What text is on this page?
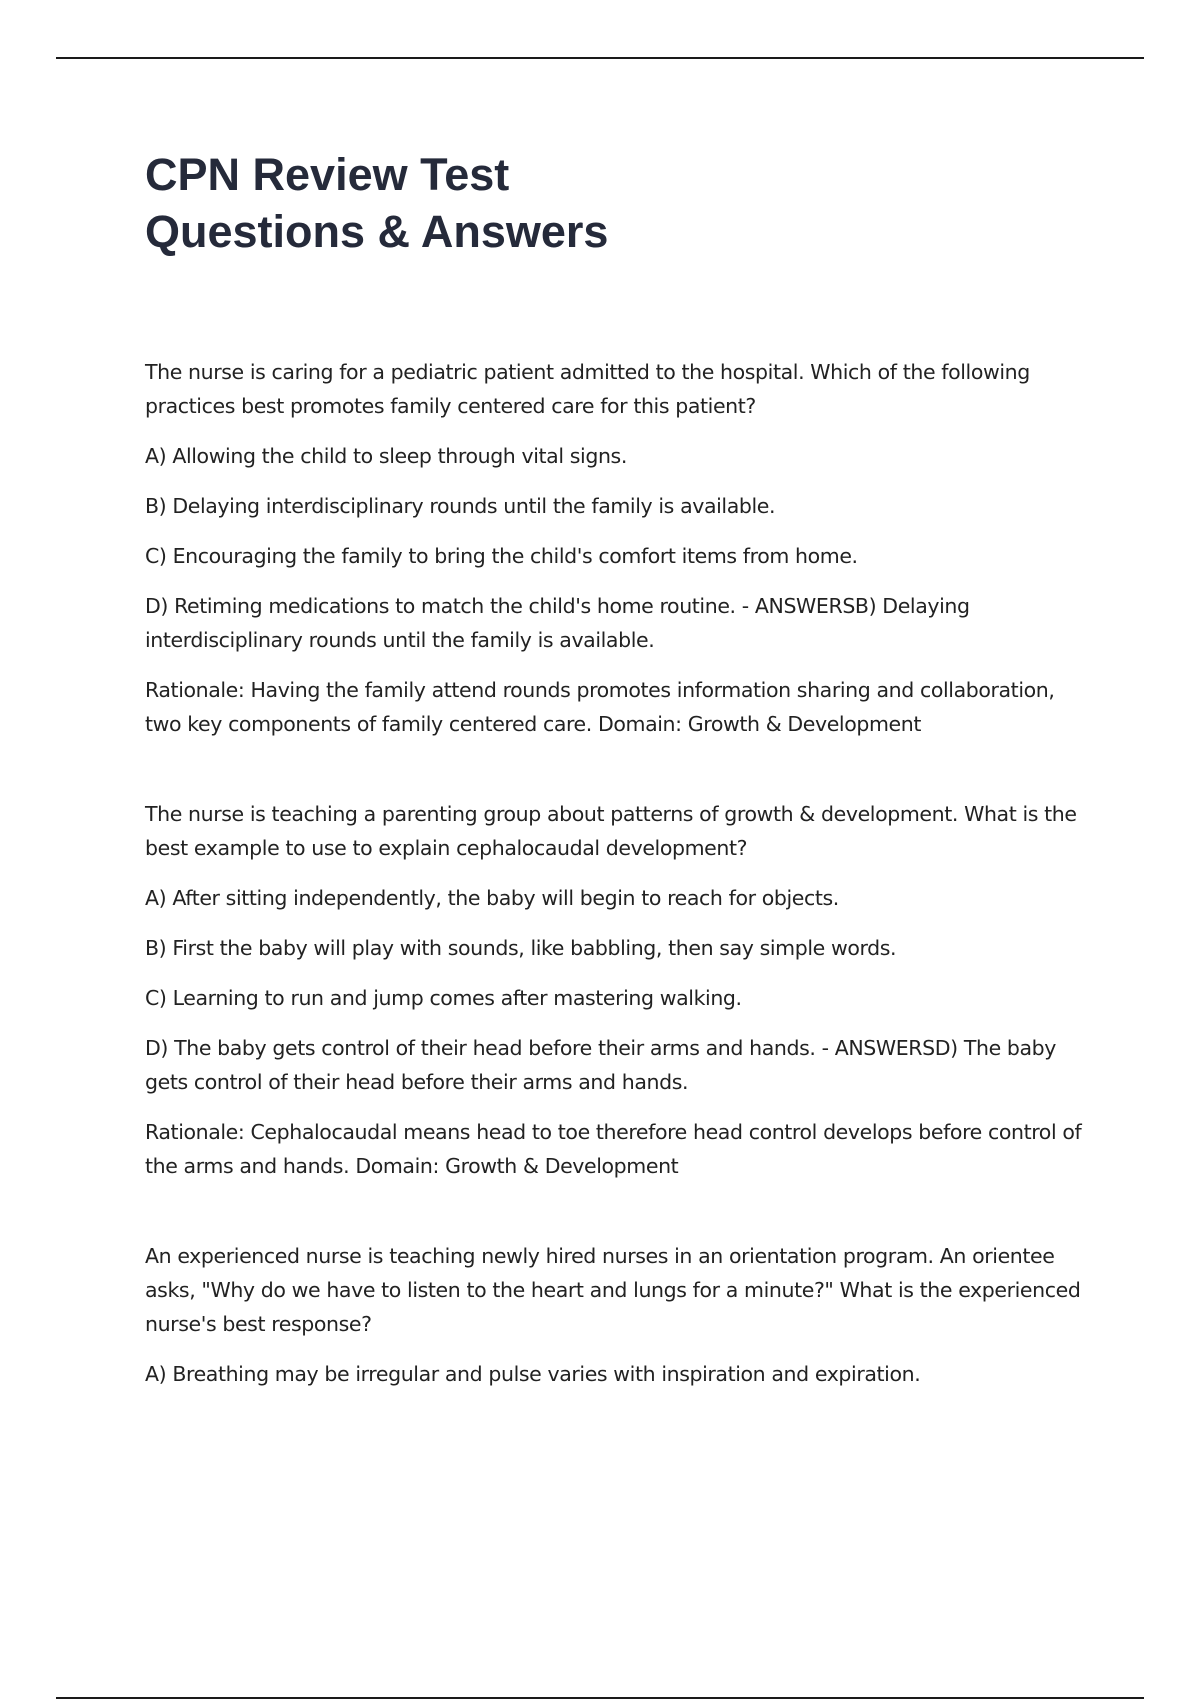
CPN Review Test
Questions & Answers

The nurse is caring for a pediatric patient admitted to the hospital. Which of the following practices best promotes family centered care for this patient?

A) Allowing the child to sleep through vital signs.

B) Delaying interdisciplinary rounds until the family is available.

C) Encouraging the family to bring the child's comfort items from home.

D) Retiming medications to match the child's home routine. - ANSWERSB) Delaying interdisciplinary rounds until the family is available.

Rationale: Having the family attend rounds promotes information sharing and collaboration, two key components of family centered care. Domain: Growth & Development

The nurse is teaching a parenting group about patterns of growth & development. What is the best example to use to explain cephalocaudal development?

A) After sitting independently, the baby will begin to reach for objects.

B) First the baby will play with sounds, like babbling, then say simple words.

C) Learning to run and jump comes after mastering walking.

D) The baby gets control of their head before their arms and hands. - ANSWERSD) The baby gets control of their head before their arms and hands.

Rationale: Cephalocaudal means head to toe therefore head control develops before control of the arms and hands. Domain: Growth & Development

An experienced nurse is teaching newly hired nurses in an orientation program. An orientee asks, "Why do we have to listen to the heart and lungs for a minute?" What is the experienced nurse's best response?

A) Breathing may be irregular and pulse varies with inspiration and expiration.
